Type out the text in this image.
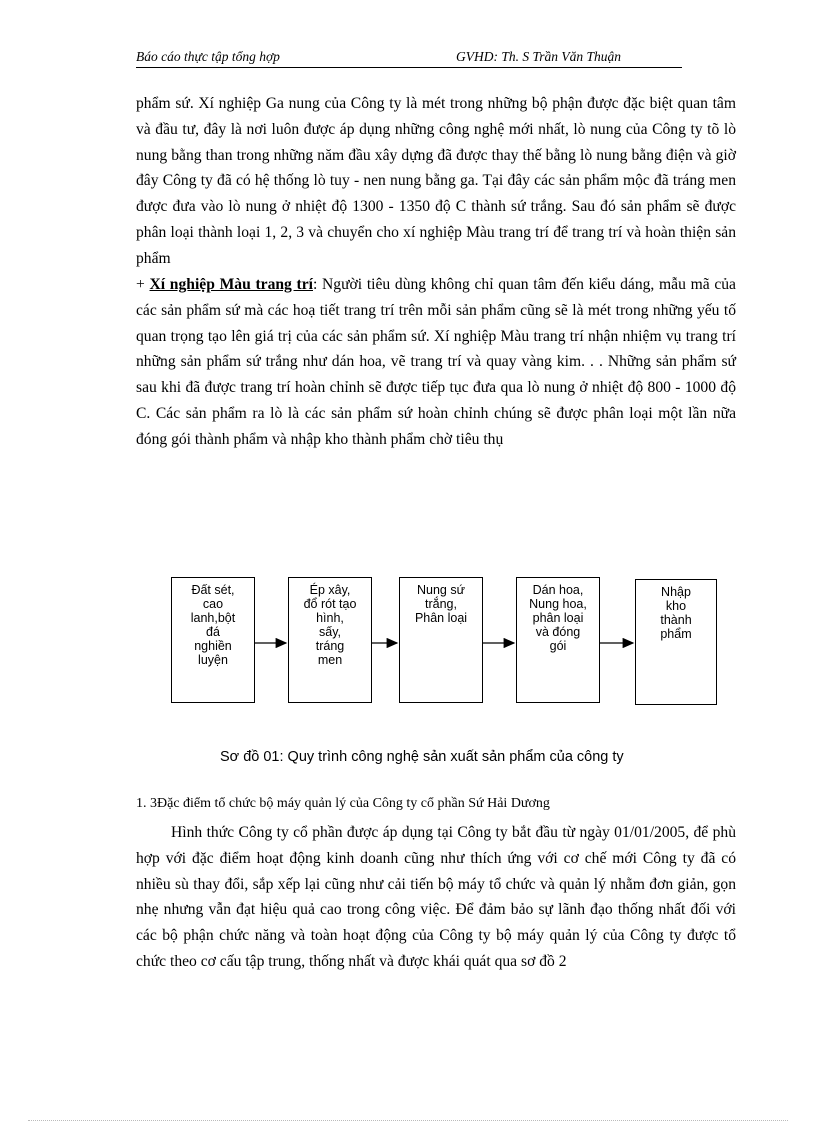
Báo cáo thực tập tổng hợp	GVHD: Th. S Trần Văn Thuận

phẩm sứ. Xí nghiệp Ga nung của Công ty là mét trong những bộ phận được đặc biệt quan tâm và đầu tư, đây là nơi luôn được áp dụng những công nghệ mới nhất, lò nung của Công ty tõ lò nung bằng than trong những năm đầu xây dựng đã được thay thế bằng lò nung bằng điện và giờ đây Công ty đã có hệ thống lò tuy - nen nung bằng ga. Tại đây các sản phẩm mộc đã tráng men được đưa vào lò nung ở nhiệt độ 1300 - 1350 độ C thành sứ trắng. Sau đó sản phẩm sẽ được phân loại thành loại 1, 2, 3 và chuyển cho xí nghiệp Màu trang trí để trang trí và hoàn thiện sản phẩm

+ Xí nghiệp Màu trang trí: Người tiêu dùng không chỉ quan tâm đến kiểu dáng, mẫu mã của các sản phẩm sứ mà các hoạ tiết trang trí trên mỗi sản phẩm cũng sẽ là mét trong những yếu tố quan trọng tạo lên giá trị của các sản phẩm sứ. Xí nghiệp Màu trang trí nhận nhiệm vụ trang trí những sản phẩm sứ trắng như dán hoa, vẽ trang trí và quay vàng kim. . . Những sản phẩm sứ sau khi đã được trang trí hoàn chỉnh sẽ được tiếp tục đưa qua lò nung ở nhiệt độ 800 - 1000 độ C. Các sản phẩm ra lò là các sản phẩm sứ hoàn chỉnh chúng sẽ được phân loại một lần nữa đóng gói thành phẩm và nhập kho thành phẩm chờ tiêu thụ

Đất sét,
cao
lanh,bột
đá
nghiền
luyện
Ép xây,
đổ rót tạo
hình,
sấy,
tráng
men
Nung sứ
trắng,
Phân loại
Dán hoa,
Nung hoa,
phân loại
và đóng
gói
Nhập
kho
thành
phẩm
Sơ đồ 01: Quy trình công nghệ sản xuất sản phẩm của công ty
1. 3Đặc điểm tổ chức bộ máy quản lý của Công ty cổ phần Sứ Hải Dương

Hình thức Công ty cổ phần được áp dụng tại Công ty bắt đầu từ ngày 01/01/2005, để phù hợp với đặc điểm hoạt động kinh doanh cũng như thích ứng với cơ chế mới Công ty đã có nhiều sù thay đổi, sắp xếp lại cũng như cải tiến bộ máy tổ chức và quản lý nhằm đơn giản, gọn nhẹ nhưng vẫn đạt hiệu quả cao trong công việc. Để đảm bảo sự lãnh đạo thống nhất đối với các bộ phận chức năng và toàn hoạt động của Công ty bộ máy quản lý của Công ty được tổ chức theo cơ cấu tập trung, thống nhất và được khái quát qua sơ đồ 2
